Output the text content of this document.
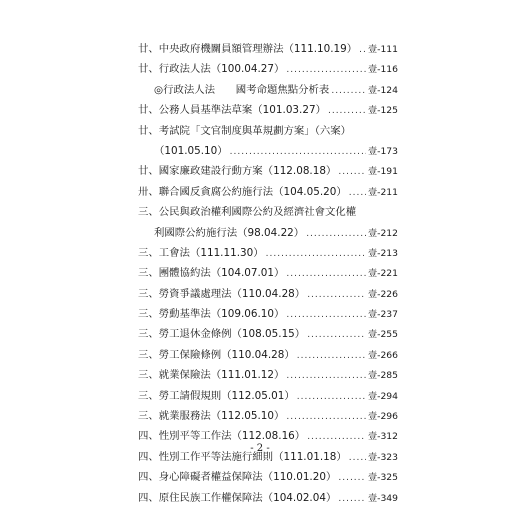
廿 、中央政府機關員額管理辦法（111.10.19） ..... 壹-111
廿 、行政法人法（100.04.27） .....	壹-116
◎ 行政法人法　　國考命題焦點分析表 .....	壹-124
廿 、公務人員基準法草案（101.03.27） .....	壹-125
廿 、考試院「文官制度與革規劃方案」（六案）
（101.05.10） .....	壹-173
廿 、國家廉政建設行動方案（112.08.18） .....	壹-191
卅 、聯合國反貪腐公約施行法（104.05.20） ..... 壹-211
三 、公民與政治權利國際公約及經濟社會文化權
利國際公約施行法（98.04.22） .....	壹-212
三 、工會法（111.11.30） .....	壹-213
三 、團體協約法（104.07.01） .....	壹-221
三 、勞資爭議處理法（110.04.28） .....	壹-226
三 、勞動基準法（109.06.10） .....	壹-237
三 、勞工退休金條例（108.05.15） .....	壹-255
三 、勞工保險條例（110.04.28） .....	壹-266
三 、就業保險法（111.01.12） .....	壹-285
三 、勞工請假規則（112.05.01） .....	壹-294
三 、就業服務法（112.05.10） .....	壹-296
四 、性別平等工作法（112.08.16） .....	壹-312
四 、性別工作平等法施行細則（111.01.18） ..... 壹-323
四 、身心障礙者權益保障法（110.01.20） .....	壹-325
四 、原住民族工作權保障法（104.02.04） .....	壹-349
- 2 -
